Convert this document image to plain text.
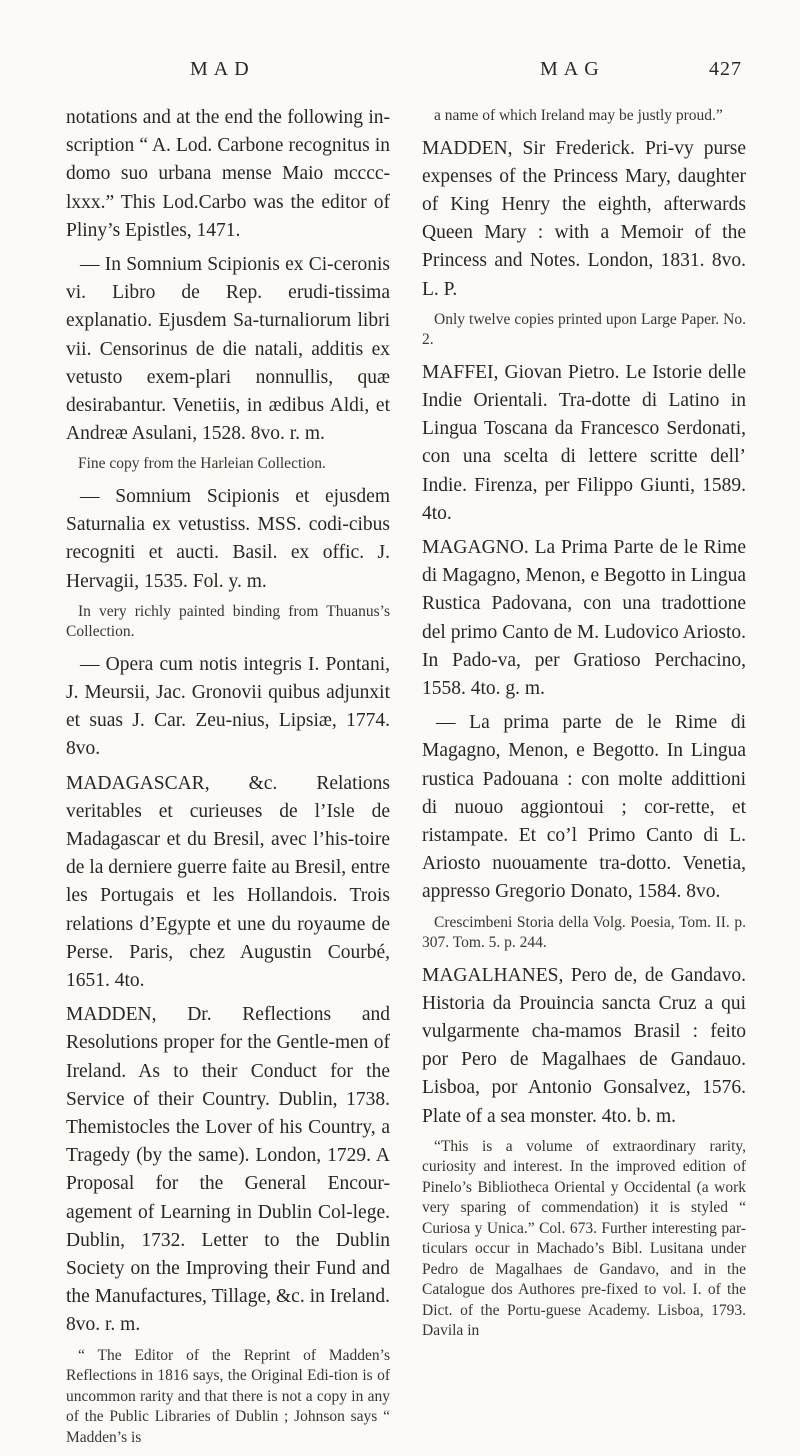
MAD	MAG	427

notations and at the end the following in-scription “ A. Lod. Carbone recognitus in domo suo urbana mense Maio mcccc-lxxx.” This Lod.Carbo was the editor of Pliny’s Epistles, 1471.

— In Somnium Scipionis ex Ci-ceronis vi. Libro de Rep. erudi-tissima explanatio. Ejusdem Sa-turnaliorum libri vii. Censorinus de die natali, additis ex vetusto exem-plari nonnullis, quæ desirabantur. Venetiis, in ædibus Aldi, et Andreæ Asulani, 1528. 8vo. r. m.

Fine copy from the Harleian Collection.

— Somnium Scipionis et ejusdem Saturnalia ex vetustiss. MSS. codi-cibus recogniti et aucti. Basil. ex offic. J. Hervagii, 1535. Fol. y. m.

In very richly painted binding from Thuanus’s Collection.

— Opera cum notis integris I. Pontani, J. Meursii, Jac. Gronovii quibus adjunxit et suas J. Car. Zeu-nius, Lipsiæ, 1774. 8vo.

MADAGASCAR, &c. Relations veritables et curieuses de l’Isle de Madagascar et du Bresil, avec l’his-toire de la derniere guerre faite au Bresil, entre les Portugais et les Hollandois. Trois relations d’Egypte et une du royaume de Perse. Paris, chez Augustin Courbé, 1651. 4to.

MADDEN, Dr. Reflections and Resolutions proper for the Gentle-men of Ireland. As to their Conduct for the Service of their Country. Dublin, 1738. Themistocles the Lover of his Country, a Tragedy (by the same). London, 1729. A Proposal for the General Encour-agement of Learning in Dublin Col-lege. Dublin, 1732. Letter to the Dublin Society on the Improving their Fund and the Manufactures, Tillage, &c. in Ireland. 8vo. r. m.

“ The Editor of the Reprint of Madden’s Reflections in 1816 says, the Original Edi-tion is of uncommon rarity and that there is not a copy in any of the Public Libraries of Dublin ; Johnson says “ Madden’s is

a name of which Ireland may be justly proud.”

MADDEN, Sir Frederick. Pri-vy purse expenses of the Princess Mary, daughter of King Henry the eighth, afterwards Queen Mary : with a Memoir of the Princess and Notes. London, 1831. 8vo. L. P.

Only twelve copies printed upon Large Paper. No. 2.

MAFFEI, Giovan Pietro. Le Istorie delle Indie Orientali. Tra-dotte di Latino in Lingua Toscana da Francesco Serdonati, con una scelta di lettere scritte dell’ Indie. Firenza, per Filippo Giunti, 1589. 4to.

MAGAGNO. La Prima Parte de le Rime di Magagno, Menon, e Begotto in Lingua Rustica Padovana, con una tradottione del primo Canto de M. Ludovico Ariosto. In Pado-va, per Gratioso Perchacino, 1558. 4to. g. m.

— La prima parte de le Rime di Magagno, Menon, e Begotto. In Lingua rustica Padouana : con molte addittioni di nuouo aggiontoui ; cor-rette, et ristampate. Et co’l Primo Canto di L. Ariosto nuouamente tra-dotto. Venetia, appresso Gregorio Donato, 1584. 8vo.

Crescimbeni Storia della Volg. Poesia, Tom. II. p. 307. Tom. 5. p. 244.

MAGALHANES, Pero de, de Gandavo. Historia da Prouincia sancta Cruz a qui vulgarmente cha-mamos Brasil : feito por Pero de Magalhaes de Gandauo. Lisboa, por Antonio Gonsalvez, 1576. Plate of a sea monster. 4to. b. m.

“This is a volume of extraordinary rarity, curiosity and interest. In the improved edition of Pinelo’s Bibliotheca Oriental y Occidental (a work very sparing of commendation) it is styled “ Curiosa y Unica.” Col. 673. Further interesting par-ticulars occur in Machado’s Bibl. Lusitana under Pedro de Magalhaes de Gandavo, and in the Catalogue dos Authores pre-fixed to vol. I. of the Dict. of the Portu-guese Academy. Lisboa, 1793. Davila in
